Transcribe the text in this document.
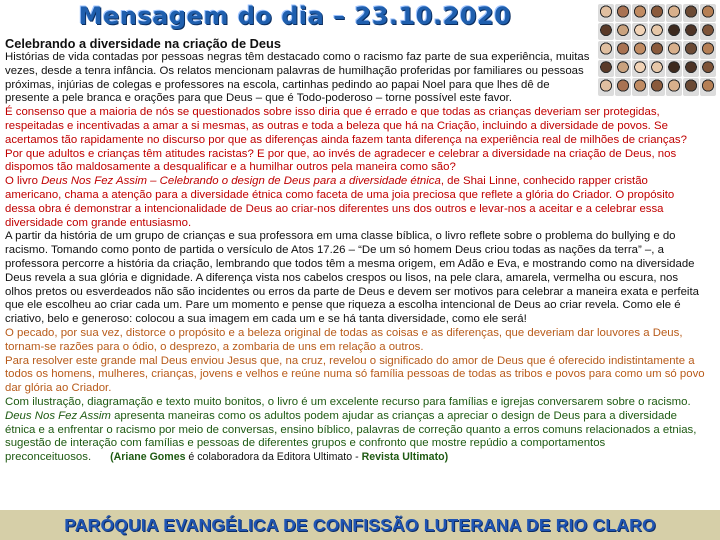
Mensagem do dia – 23.10.2020

Celebrando a diversidade na criação de Deus

Histórias de vida contadas por pessoas negras têm destacado como o racismo faz parte de sua experiência, muitas vezes, desde a tenra infância. Os relatos mencionam palavras de humilhação proferidas por familiares ou pessoas próximas, injúrias de colegas e professores na escola, cartinhas pedindo ao papai Noel para que lhes dê de presente a pele branca e orações para que Deus – que é Todo-poderoso – torne possível este favor.

É consenso que a maioria de nós se questionados sobre isso diria que é errado e que todas as crianças deveriam ser protegidas, respeitadas e incentivadas a amar a si mesmas, as outras e toda a beleza que há na Criação, incluindo a diversidade de povos. Se acertamos tão rapidamente no discurso por que as diferenças ainda fazem tanta diferença na experiência real de milhões de crianças? Por que adultos e crianças têm atitudes racistas? E por que, ao invés de agradecer e celebrar a diversidade na criação de Deus, nos dispomos tão maldosamente a desqualificar e a humilhar outros pela maneira como são?

O livro Deus Nos Fez Assim – Celebrando o design de Deus para a diversidade étnica, de Shai Linne, conhecido rapper cristão americano, chama a atenção para a diversidade étnica como faceta de uma joia preciosa que reflete a glória do Criador. O propósito dessa obra é demonstrar a intencionalidade de Deus ao criar-nos diferentes uns dos outros e levar-nos a aceitar e a celebrar essa diversidade com grande entusiasmo.

A partir da história de um grupo de crianças e sua professora em uma classe bíblica, o livro reflete sobre o problema do bullying e do racismo. Tomando como ponto de partida o versículo de Atos 17.26 – “De um só homem Deus criou todas as nações da terra” –, a professora percorre a história da criação, lembrando que todos têm a mesma origem, em Adão e Eva, e mostrando como na diversidade Deus revela a sua glória e dignidade. A diferença vista nos cabelos crespos ou lisos, na pele clara, amarela, vermelha ou escura, nos olhos pretos ou esverdeados não são incidentes ou erros da parte de Deus e devem ser motivos para celebrar a maneira exata e perfeita que ele escolheu ao criar cada um. Pare um momento e pense que riqueza a escolha intencional de Deus ao criar revela. Como ele é criativo, belo e generoso: colocou a sua imagem em cada um e se há tanta diversidade, como ele será!

O pecado, por sua vez, distorce o propósito e a beleza original de todas as coisas e as diferenças, que deveriam dar louvores a Deus, tornam-se razões para o ódio, o desprezo, a zombaria de uns em relação a outros.

Para resolver este grande mal Deus enviou Jesus que, na cruz, revelou o significado do amor de Deus que é oferecido indistintamente a todos os homens, mulheres, crianças, jovens e velhos e reúne numa só família pessoas de todas as tribos e povos para como um só povo dar glória ao Criador.

Com ilustração, diagramação e texto muito bonitos, o livro é um excelente recurso para famílias e igrejas conversarem sobre o racismo. Deus Nos Fez Assim apresenta maneiras como os adultos podem ajudar as crianças a apreciar o design de Deus para a diversidade étnica e a enfrentar o racismo por meio de conversas, ensino bíblico, palavras de correção quanto a erros comuns relacionados a etnias, sugestão de interação com famílias e pessoas de diferentes grupos e confronto que mostre repúdio a comportamentos preconceituosos. (Ariane Gomes é colaboradora da Editora Ultimato - Revista Ultimato)

PARÓQUIA EVANGÉLICA DE CONFISSÃO LUTERANA DE RIO CLARO
